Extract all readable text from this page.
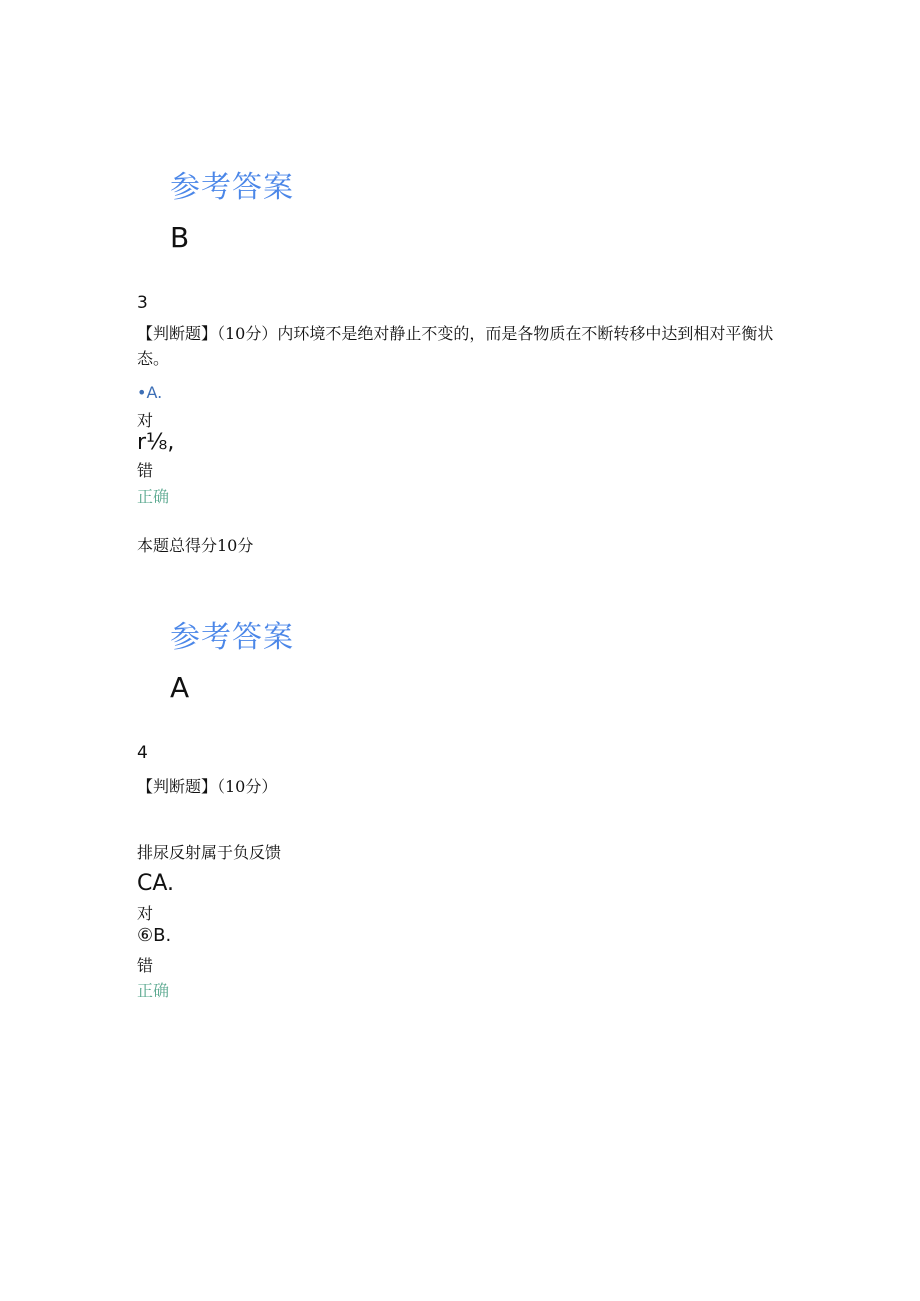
参考答案
B
3
【判断题】（10分）内环境不是绝对静止不变的，而是各物质在不断转移中达到相对平衡状态。
•A.
对
r⅛,
错
正确
本题总得分10分
参考答案
A
4
【判断题】（10分）
排尿反射属于负反馈
CA.
对
⑥B.
错
正确
